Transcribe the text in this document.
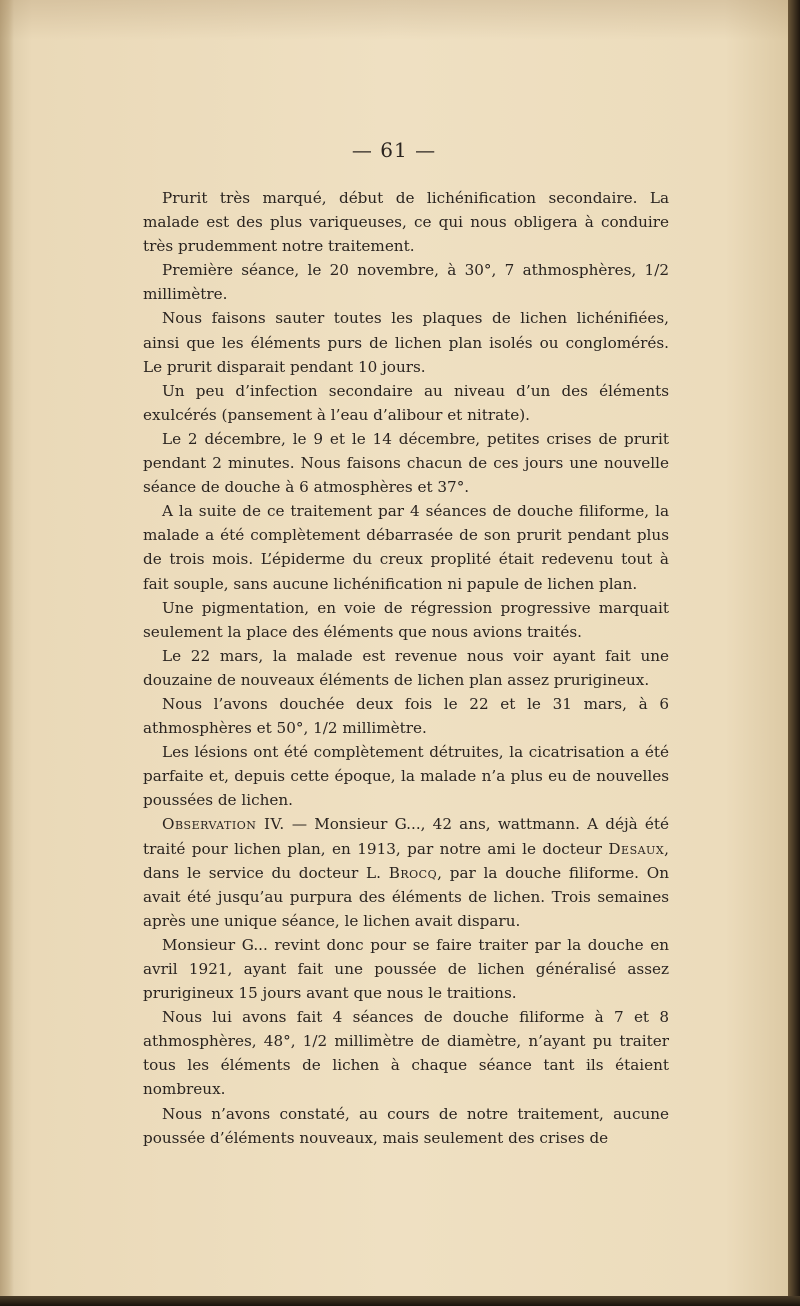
— 61 —

Prurit très marqué, début de lichénification secondaire. La malade est des plus variqueuses, ce qui nous obligera à conduire très prudemment notre traitement.

Première séance, le 20 novembre, à 30°, 7 athmosphères, 1/2 millimètre.

Nous faisons sauter toutes les plaques de lichen lichénifiées, ainsi que les éléments purs de lichen plan isolés ou conglomérés. Le prurit disparait pendant 10 jours.

Un peu d’infection secondaire au niveau d’un des éléments exulcérés (pansement à l’eau d’alibour et nitrate).

Le 2 décembre, le 9 et le 14 décembre, petites crises de prurit pendant 2 minutes. Nous faisons chacun de ces jours une nouvelle séance de douche à 6 atmosphères et 37°.

A la suite de ce traitement par 4 séances de douche filiforme, la malade a été complètement débarrasée de son prurit pendant plus de trois mois. L’épiderme du creux proplité était redevenu tout à fait souple, sans aucune lichénification ni papule de lichen plan.

Une pigmentation, en voie de régression progressive marquait seulement la place des éléments que nous avions traités.

Le 22 mars, la malade est revenue nous voir ayant fait une douzaine de nouveaux éléments de lichen plan assez prurigineux.

Nous l’avons douchée deux fois le 22 et le 31 mars, à 6 athmosphères et 50°, 1/2 millimètre.

Les lésions ont été complètement détruites, la cicatrisation a été parfaite et, depuis cette époque, la malade n’a plus eu de nouvelles poussées de lichen.

Observation IV. — Monsieur G..., 42 ans, wattmann. A déjà été traité pour lichen plan, en 1913, par notre ami le docteur Desaux, dans le service du docteur L. Brocq, par la douche filiforme. On avait été jusqu’au purpura des éléments de lichen. Trois semaines après une unique séance, le lichen avait disparu.

Monsieur G... revint donc pour se faire traiter par la douche en avril 1921, ayant fait une poussée de lichen généralisé assez prurigineux 15 jours avant que nous le traitions.

Nous lui avons fait 4 séances de douche filiforme à 7 et 8 athmosphères, 48°, 1/2 millimètre de diamètre, n’ayant pu traiter tous les éléments de lichen à chaque séance tant ils étaient nombreux.

Nous n’avons constaté, au cours de notre traitement, aucune poussée d’éléments nouveaux, mais seulement des crises de
